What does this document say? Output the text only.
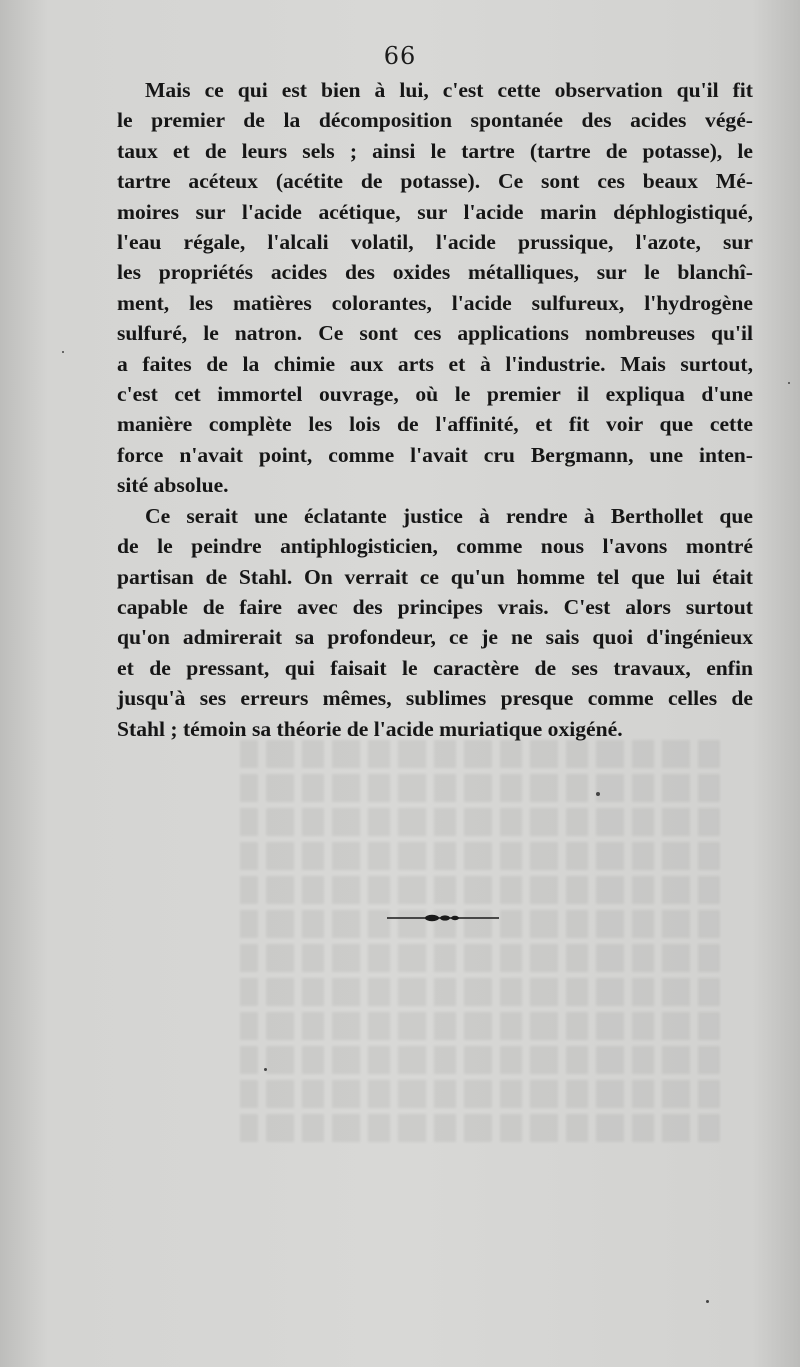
66

Mais ce qui est bien à lui, c'est cette observation qu'il fit
le premier de la décomposition spontanée des acides végé-
taux et de leurs sels ; ainsi le tartre (tartre de potasse), le
tartre acéteux (acétite de potasse). Ce sont ces beaux Mé-
moires sur l'acide acétique, sur l'acide marin déphlogistiqué,
l'eau régale, l'alcali volatil, l'acide prussique, l'azote, sur
les propriétés acides des oxides métalliques, sur le blanchî-
ment, les matières colorantes, l'acide sulfureux, l'hydrogène
sulfuré, le natron. Ce sont ces applications nombreuses qu'il
a faites de la chimie aux arts et à l'industrie. Mais surtout,
c'est cet immortel ouvrage, où le premier il expliqua d'une
manière complète les lois de l'affinité, et fit voir que cette
force n'avait point, comme l'avait cru Bergmann, une inten-
sité absolue.

Ce serait une éclatante justice à rendre à Berthollet que
de le peindre antiphlogisticien, comme nous l'avons montré
partisan de Stahl. On verrait ce qu'un homme tel que lui était
capable de faire avec des principes vrais. C'est alors surtout
qu'on admirerait sa profondeur, ce je ne sais quoi d'ingénieux
et de pressant, qui faisait le caractère de ses travaux, enfin
jusqu'à ses erreurs mêmes, sublimes presque comme celles de
Stahl ; témoin sa théorie de l'acide muriatique oxigéné.
